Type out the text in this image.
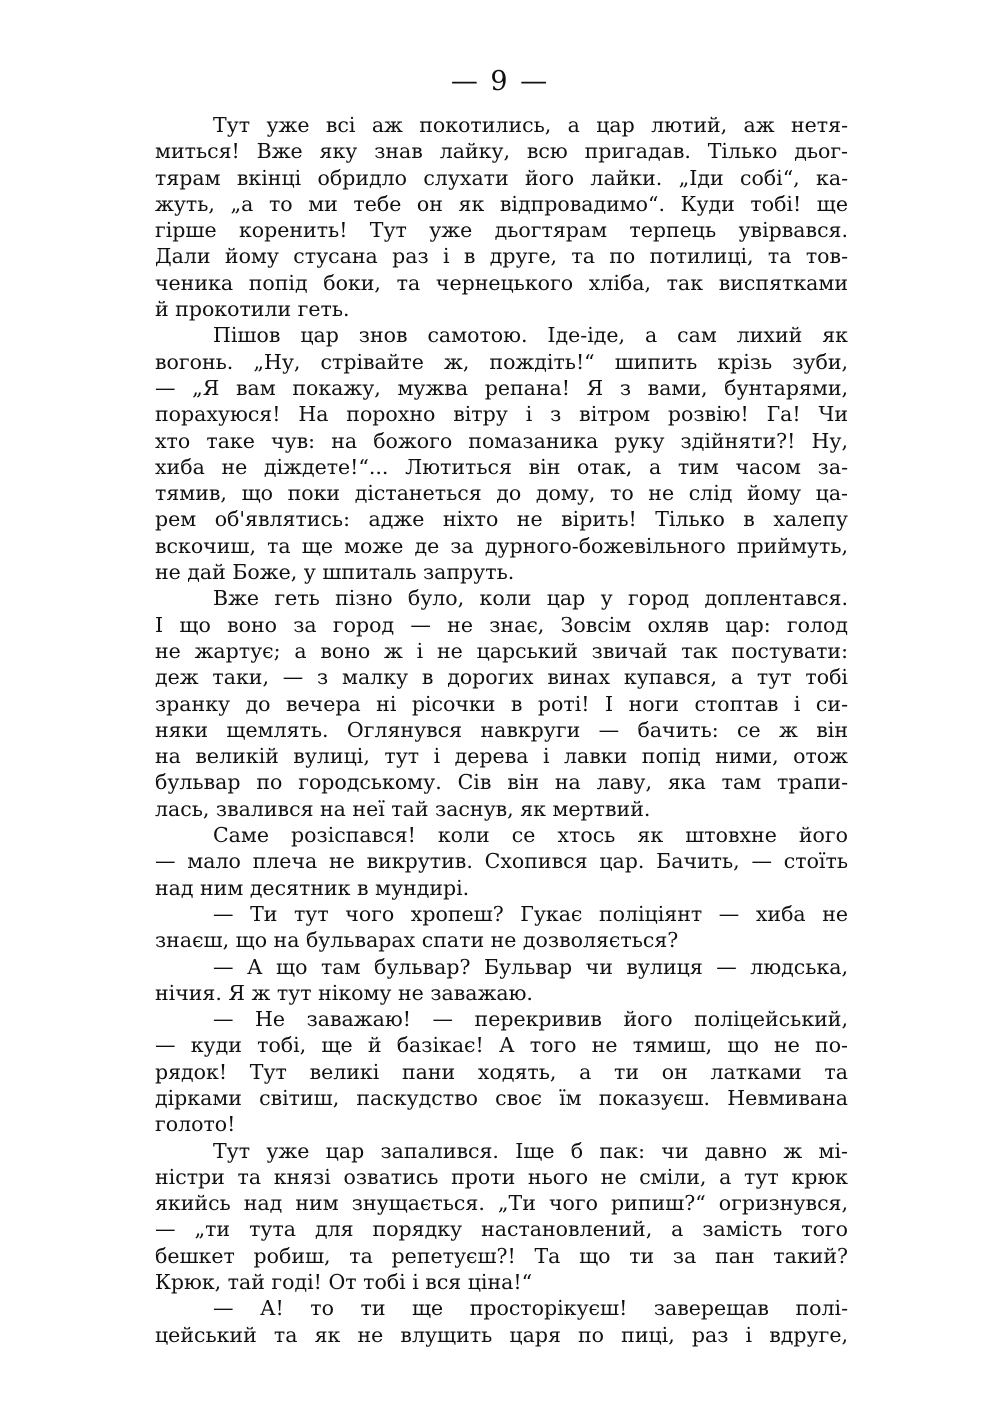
— 9 —
Тут уже всі аж покотились, а цар лютий, аж нетя-
миться! Вже яку знав лайку, всю пригадав. Тілько дьог-
тярам вкінці обридло слухати його лайки. „Іди собі“, ка-
жуть, „а то ми тебе он як відпровадимо“. Куди тобі! ще
гірше коренить! Тут уже дьогтярам терпець увірвався.
Дали йому стусана раз і в друге, та по потилиці, та тов-
ченика попід боки, та чернецького хліба, так виспятками
й прокотили геть.
Пішов цар знов самотою. Іде-іде, а сам лихий як
вогонь. „Ну, стрівайте ж, пождіть!“ шипить крізь зуби,
— „Я вам покажу, мужва репана! Я з вами, бунтарями,
порахуюся! На порохно вітру і з вітром розвію! Га! Чи
хто таке чув: на божого помазаника руку здійняти?! Ну,
хиба не діждете!“... Лютиться він отак, а тим часом за-
тямив, що поки дістанеться до дому, то не слід йому ца-
рем об'являтись: адже ніхто не вірить! Тілько в халепу
вскочиш, та ще може де за дурного-божевільного приймуть,
не дай Боже, у шпиталь запруть.
Вже геть пізно було, коли цар у город доплентався.
І що воно за город — не знає, Зовсім охляв цар: голод
не жартує; а воно ж і не царський звичай так постувати:
деж таки, — з малку в дорогих винах купався, а тут тобі
зранку до вечера ні рісочки в роті! І ноги стоптав і си-
няки щемлять. Оглянувся навкруги — бачить: се ж він
на великій вулиці, тут і дерева і лавки попід ними, отож
бульвар по городському. Сів він на лаву, яка там трапи-
лась, звалився на неї тай заснув, як мертвий.
Саме розіспався! коли се хтось як штовхне його
— мало плеча не викрутив. Схопився цар. Бачить, — стоїть
над ним десятник в мундирі.
— Ти тут чого хропеш? Гукає поліціянт — хиба не
знаєш, що на бульварах спати не дозволяється?
— А що там бульвар? Бульвар чи вулиця — людська,
нічия. Я ж тут нікому не заважаю.
— Не заважаю! — перекривив його поліцейський,
— куди тобі, ще й базікає! А того не тямиш, що не по-
рядок! Тут великі пани ходять, а ти он латками та
дірками світиш, паскудство своє їм показуєш. Невмивана
голото!
Тут уже цар запалився. Іще б пак: чи давно ж мі-
ністри та князі озватись проти нього не сміли, а тут крюк
якийсь над ним знущається. „Ти чого рипиш?“ огризнувся,
— „ти тута для порядку настановлений, а замість того
бешкет робиш, та репетуєш?! Та що ти за пан такий?
Крюк, тай годі! От тобі і вся ціна!“
— А! то ти ще просторікуєш! заверещав полі-
цейський та як не влущить царя по пиці, раз і вдруге,
